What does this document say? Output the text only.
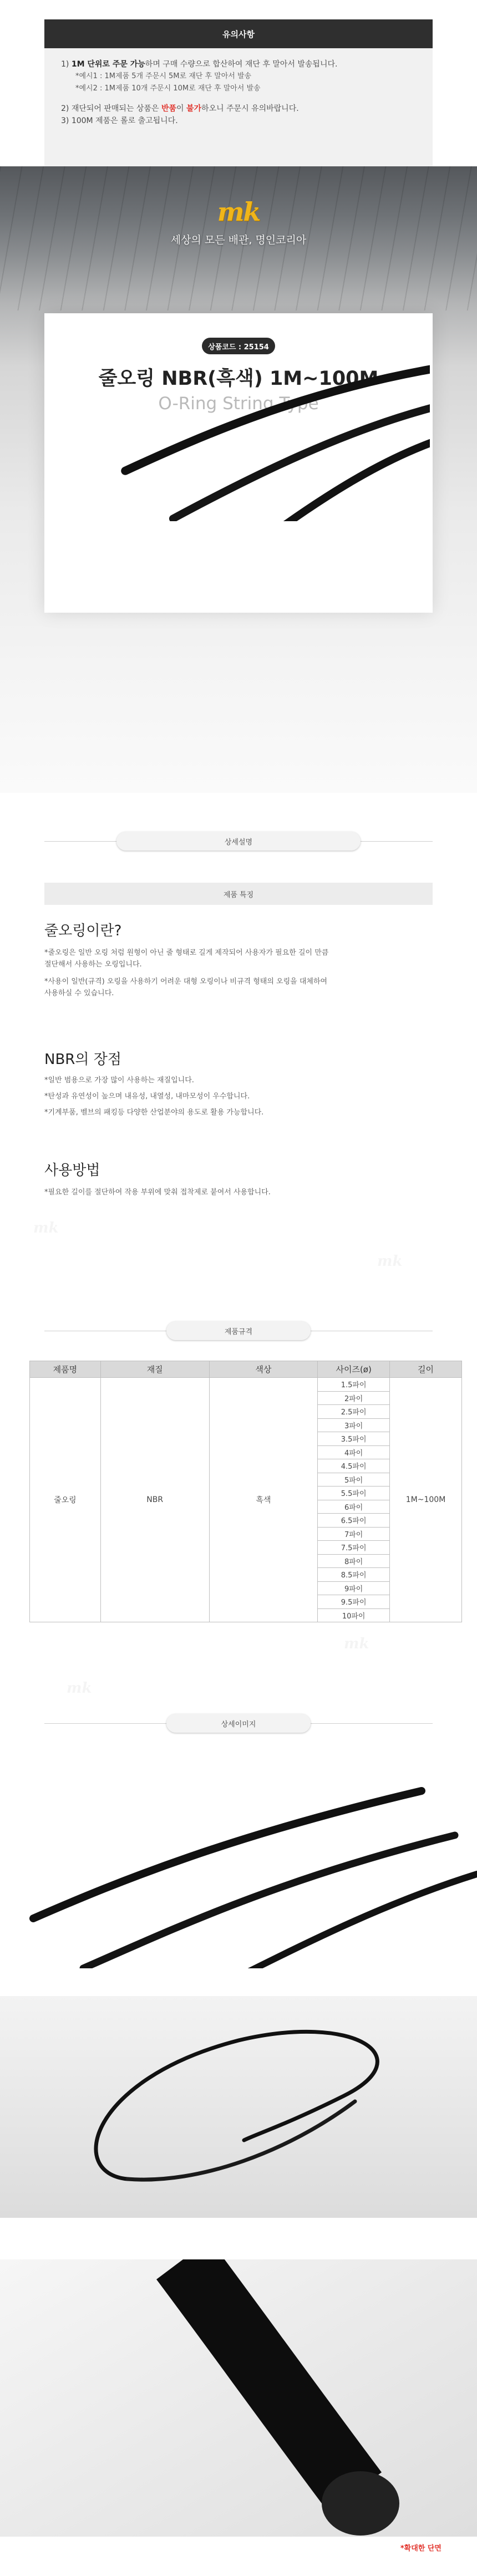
유의사항
1) 1M 단위로 주문 가능하며 구매 수량으로 합산하여 재단 후 말아서 발송됩니다.
*예시1 : 1M제품 5개 주문시 5M로 재단 후 말아서 발송
*예시2 : 1M제품 10개 주문시 10M로 재단 후 말아서 발송
2) 재단되어 판매되는 상품은 반품이 불가하오니 주문시 유의바랍니다.
3) 100M 제품은 롤로 출고됩니다.
mk
세상의 모든 배관, 명인코리아
상품코드 : 25154
줄오링 NBR(흑색) 1M~100M
O-Ring String Type
상세설명
제품 특징
줄오링이란?
*줄오링은 일반 오링 처럼 원형이 아닌 줄 형태로 길게 제작되어 사용자가 필요한 길이 만큼
절단해서 사용하는 오링입니다.
*사용이 일반(규격) 오링을 사용하기 어려운 대형 오링이나 비규격 형태의 오링을 대체하여
사용하실 수 있습니다.
NBR의 장점
*일반 범용으로 가장 많이 사용하는 재질입니다.
*탄성과 유연성이 높으며 내유성, 내열성, 내마모성이 우수합니다.
*기계부품, 벨브의 패킹등 다양한 산업분야의 용도로 활용 가능합니다.
사용방법
*필요한 길이를 절단하여 작용 부위에 맞춰 접착제로 붙여서 사용합니다.
제품규격
제품명	재질	색상	사이즈(ø)	길이
줄오링	NBR	흑색	1.5파이	1M~100M
			2파이	
			2.5파이	
			3파이	
			3.5파이	
			4파이	
			4.5파이	
			5파이	
			5.5파이	
			6파이	
			6.5파이	
			7파이	
			7.5파이	
			8파이	
			8.5파이	
			9파이	
			9.5파이	
			10파이	
상세이미지
*확대한 단면
